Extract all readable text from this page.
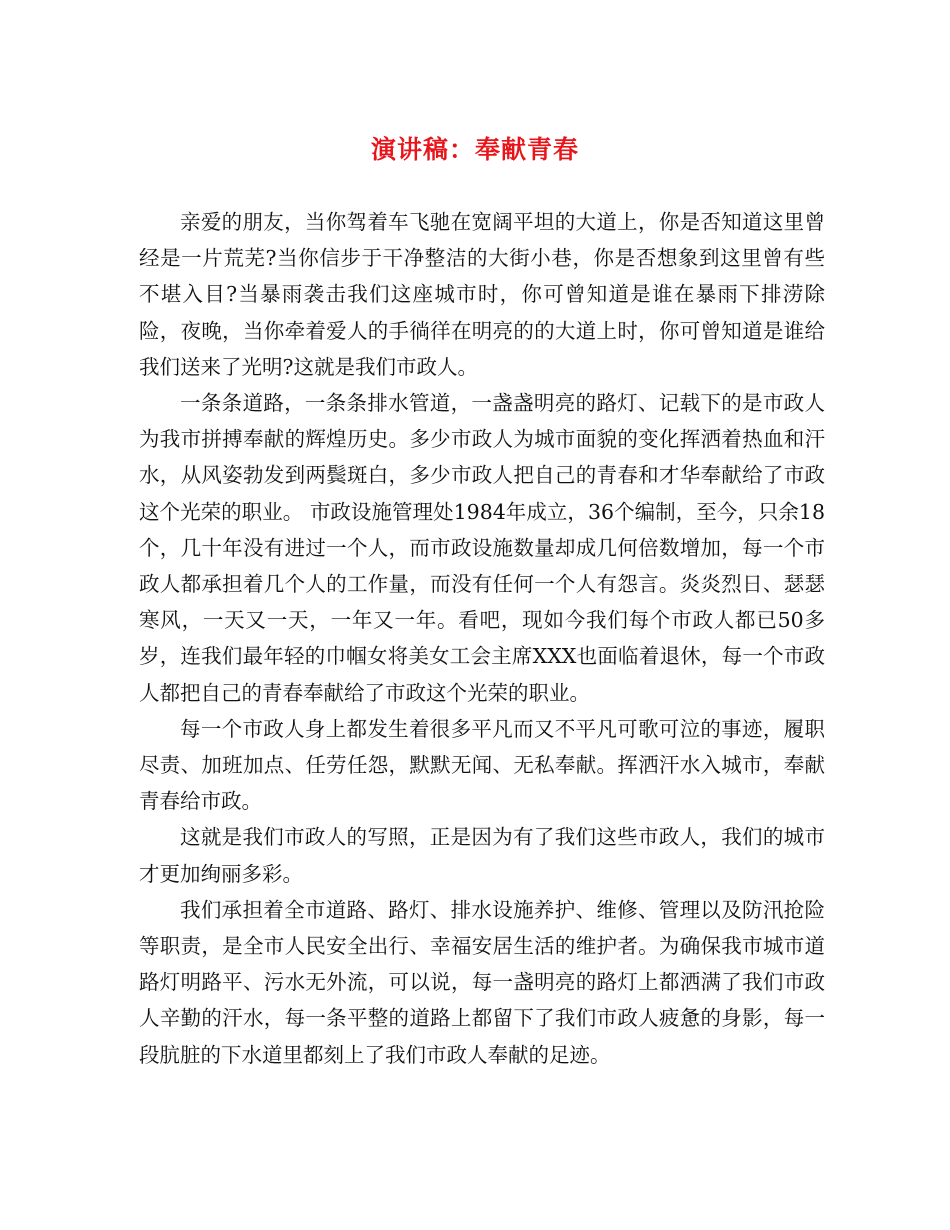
演讲稿：奉献青春

亲爱的朋友，当你驾着车飞驰在宽阔平坦的大道上，你是否知道这里曾经是一片荒芜?当你信步于干净整洁的大街小巷，你是否想象到这里曾有些不堪入目?当暴雨袭击我们这座城市时，你可曾知道是谁在暴雨下排涝除险，夜晚，当你牵着爱人的手徜徉在明亮的的大道上时，你可曾知道是谁给我们送来了光明?这就是我们市政人。

一条条道路，一条条排水管道，一盏盏明亮的路灯、记载下的是市政人为我市拼搏奉献的辉煌历史。多少市政人为城市面貌的变化挥洒着热血和汗水，从风姿勃发到两鬓斑白，多少市政人把自己的青春和才华奉献给了市政这个光荣的职业。 市政设施管理处1984年成立，36个编制，至今，只余18个，几十年没有进过一个人，而市政设施数量却成几何倍数增加，每一个市政人都承担着几个人的工作量，而没有任何一个人有怨言。炎炎烈日、瑟瑟寒风，一天又一天，一年又一年。看吧，现如今我们每个市政人都已50多岁，连我们最年轻的巾帼女将美女工会主席XXX也面临着退休，每一个市政人都把自己的青春奉献给了市政这个光荣的职业。

每一个市政人身上都发生着很多平凡而又不平凡可歌可泣的事迹，履职尽责、加班加点、任劳任怨，默默无闻、无私奉献。挥洒汗水入城市，奉献青春给市政。

这就是我们市政人的写照，正是因为有了我们这些市政人，我们的城市才更加绚丽多彩。

我们承担着全市道路、路灯、排水设施养护、维修、管理以及防汛抢险等职责，是全市人民安全出行、幸福安居生活的维护者。为确保我市城市道路灯明路平、污水无外流，可以说，每一盏明亮的路灯上都洒满了我们市政人辛勤的汗水，每一条平整的道路上都留下了我们市政人疲惫的身影，每一段肮脏的下水道里都刻上了我们市政人奉献的足迹。
